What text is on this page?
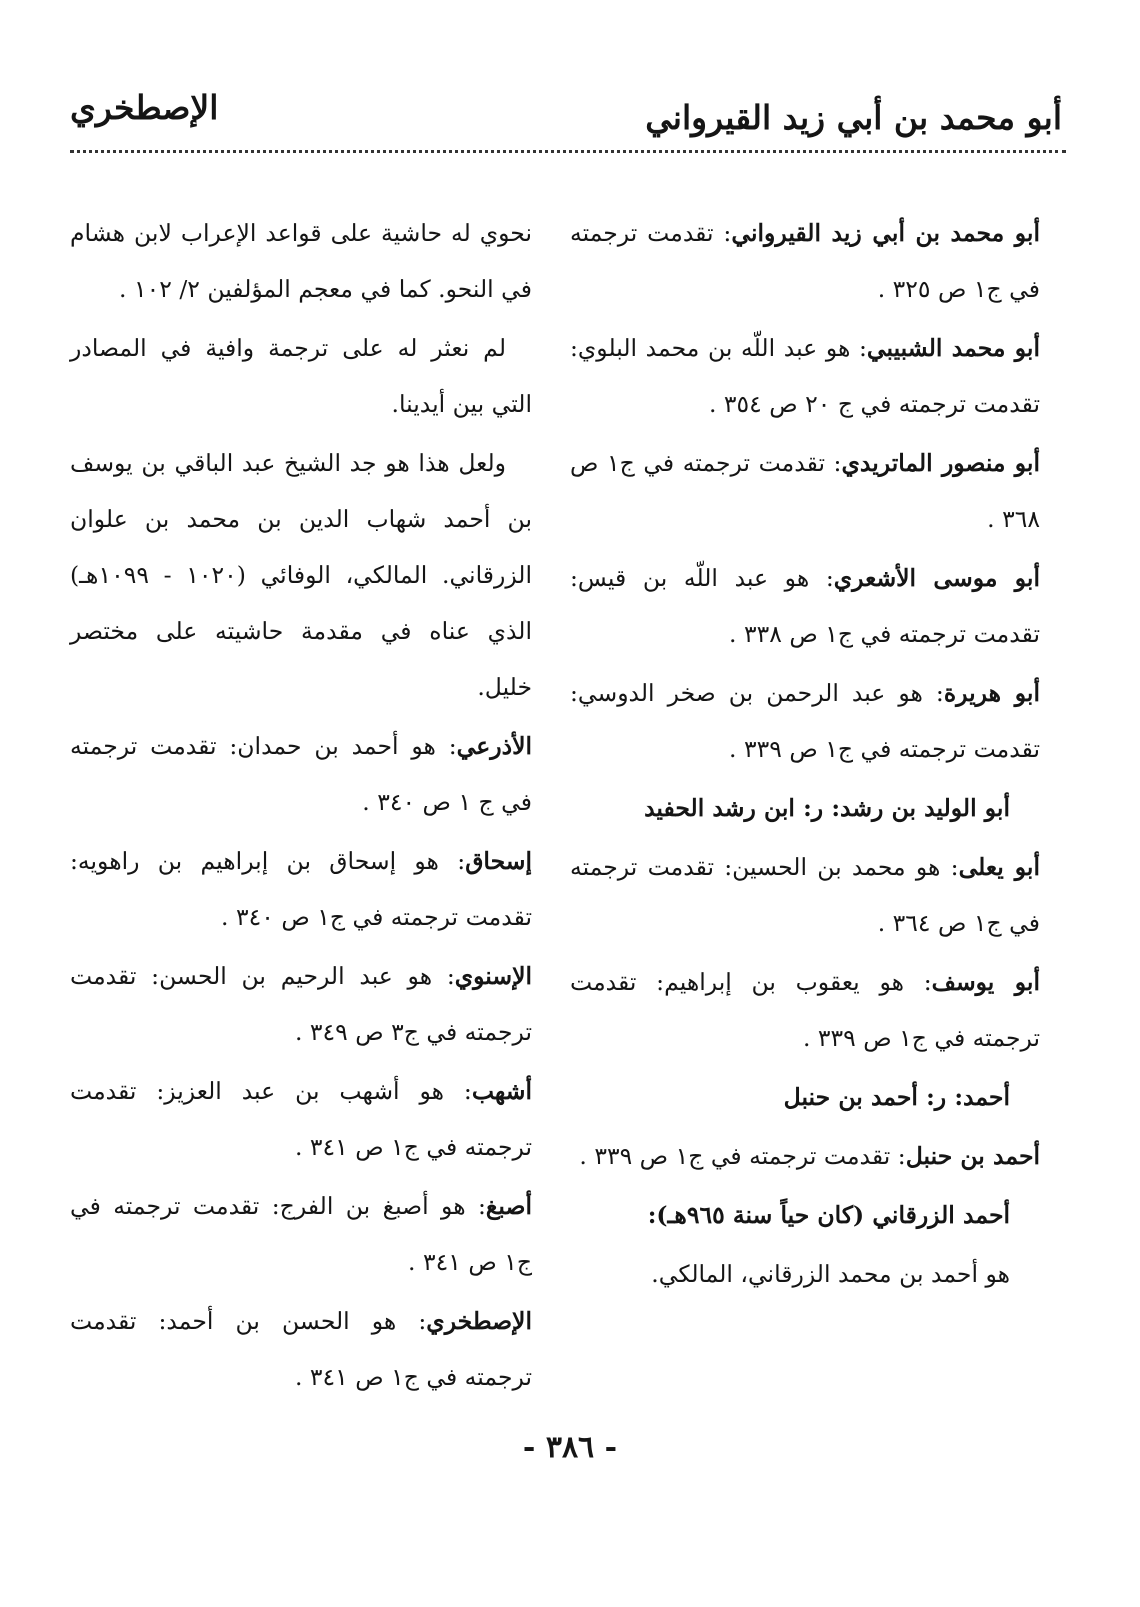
أبو محمد بن أبي زيد القيرواني
الإصطخري

أبو محمد بن أبي زيد القيرواني: تقدمت ترجمته في ج١ ص ٣٢٥ .

أبو محمد الشبيبي: هو عبد اللّه بن محمد البلوي: تقدمت ترجمته في ج ٢٠ ص ٣٥٤ .

أبو منصور الماتريدي: تقدمت ترجمته في ج١ ص ٣٦٨ .

أبو موسى الأشعري: هو عبد اللّه بن قيس: تقدمت ترجمته في ج١ ص ٣٣٨ .

أبو هريرة: هو عبد الرحمن بن صخر الدوسي: تقدمت ترجمته في ج١ ص ٣٣٩ .

أبو الوليد بن رشد: ر: ابن رشد الحفيد

أبو يعلى: هو محمد بن الحسين: تقدمت ترجمته في ج١ ص ٣٦٤ .

أبو يوسف: هو يعقوب بن إبراهيم: تقدمت ترجمته في ج١ ص ٣٣٩ .

أحمد: ر: أحمد بن حنبل

أحمد بن حنبل: تقدمت ترجمته في ج١ ص ٣٣٩ .

أحمد الزرقاني (كان حياً سنة ٩٦٥هـ):

هو أحمد بن محمد الزرقاني، المالكي.

نحوي له حاشية على قواعد الإعراب لابن هشام في النحو. كما في معجم المؤلفين ٢/ ١٠٢ .

لم نعثر له على ترجمة وافية في المصادر التي بين أيدينا.

ولعل هذا هو جد الشيخ عبد الباقي بن يوسف بن أحمد شهاب الدين بن محمد بن علوان الزرقاني. المالكي، الوفائي (١٠٢٠ - ١٠٩٩هـ) الذي عناه في مقدمة حاشيته على مختصر خليل.

الأذرعي: هو أحمد بن حمدان: تقدمت ترجمته في ج ١ ص ٣٤٠ .

إسحاق: هو إسحاق بن إبراهيم بن راهويه: تقدمت ترجمته في ج١ ص ٣٤٠ .

الإسنوي: هو عبد الرحيم بن الحسن: تقدمت ترجمته في ج٣ ص ٣٤٩ .

أشهب: هو أشهب بن عبد العزيز: تقدمت ترجمته في ج١ ص ٣٤١ .

أصبغ: هو أصبغ بن الفرج: تقدمت ترجمته في ج١ ص ٣٤١ .

الإصطخري: هو الحسن بن أحمد: تقدمت ترجمته في ج١ ص ٣٤١ .

- ٣٨٦ -
